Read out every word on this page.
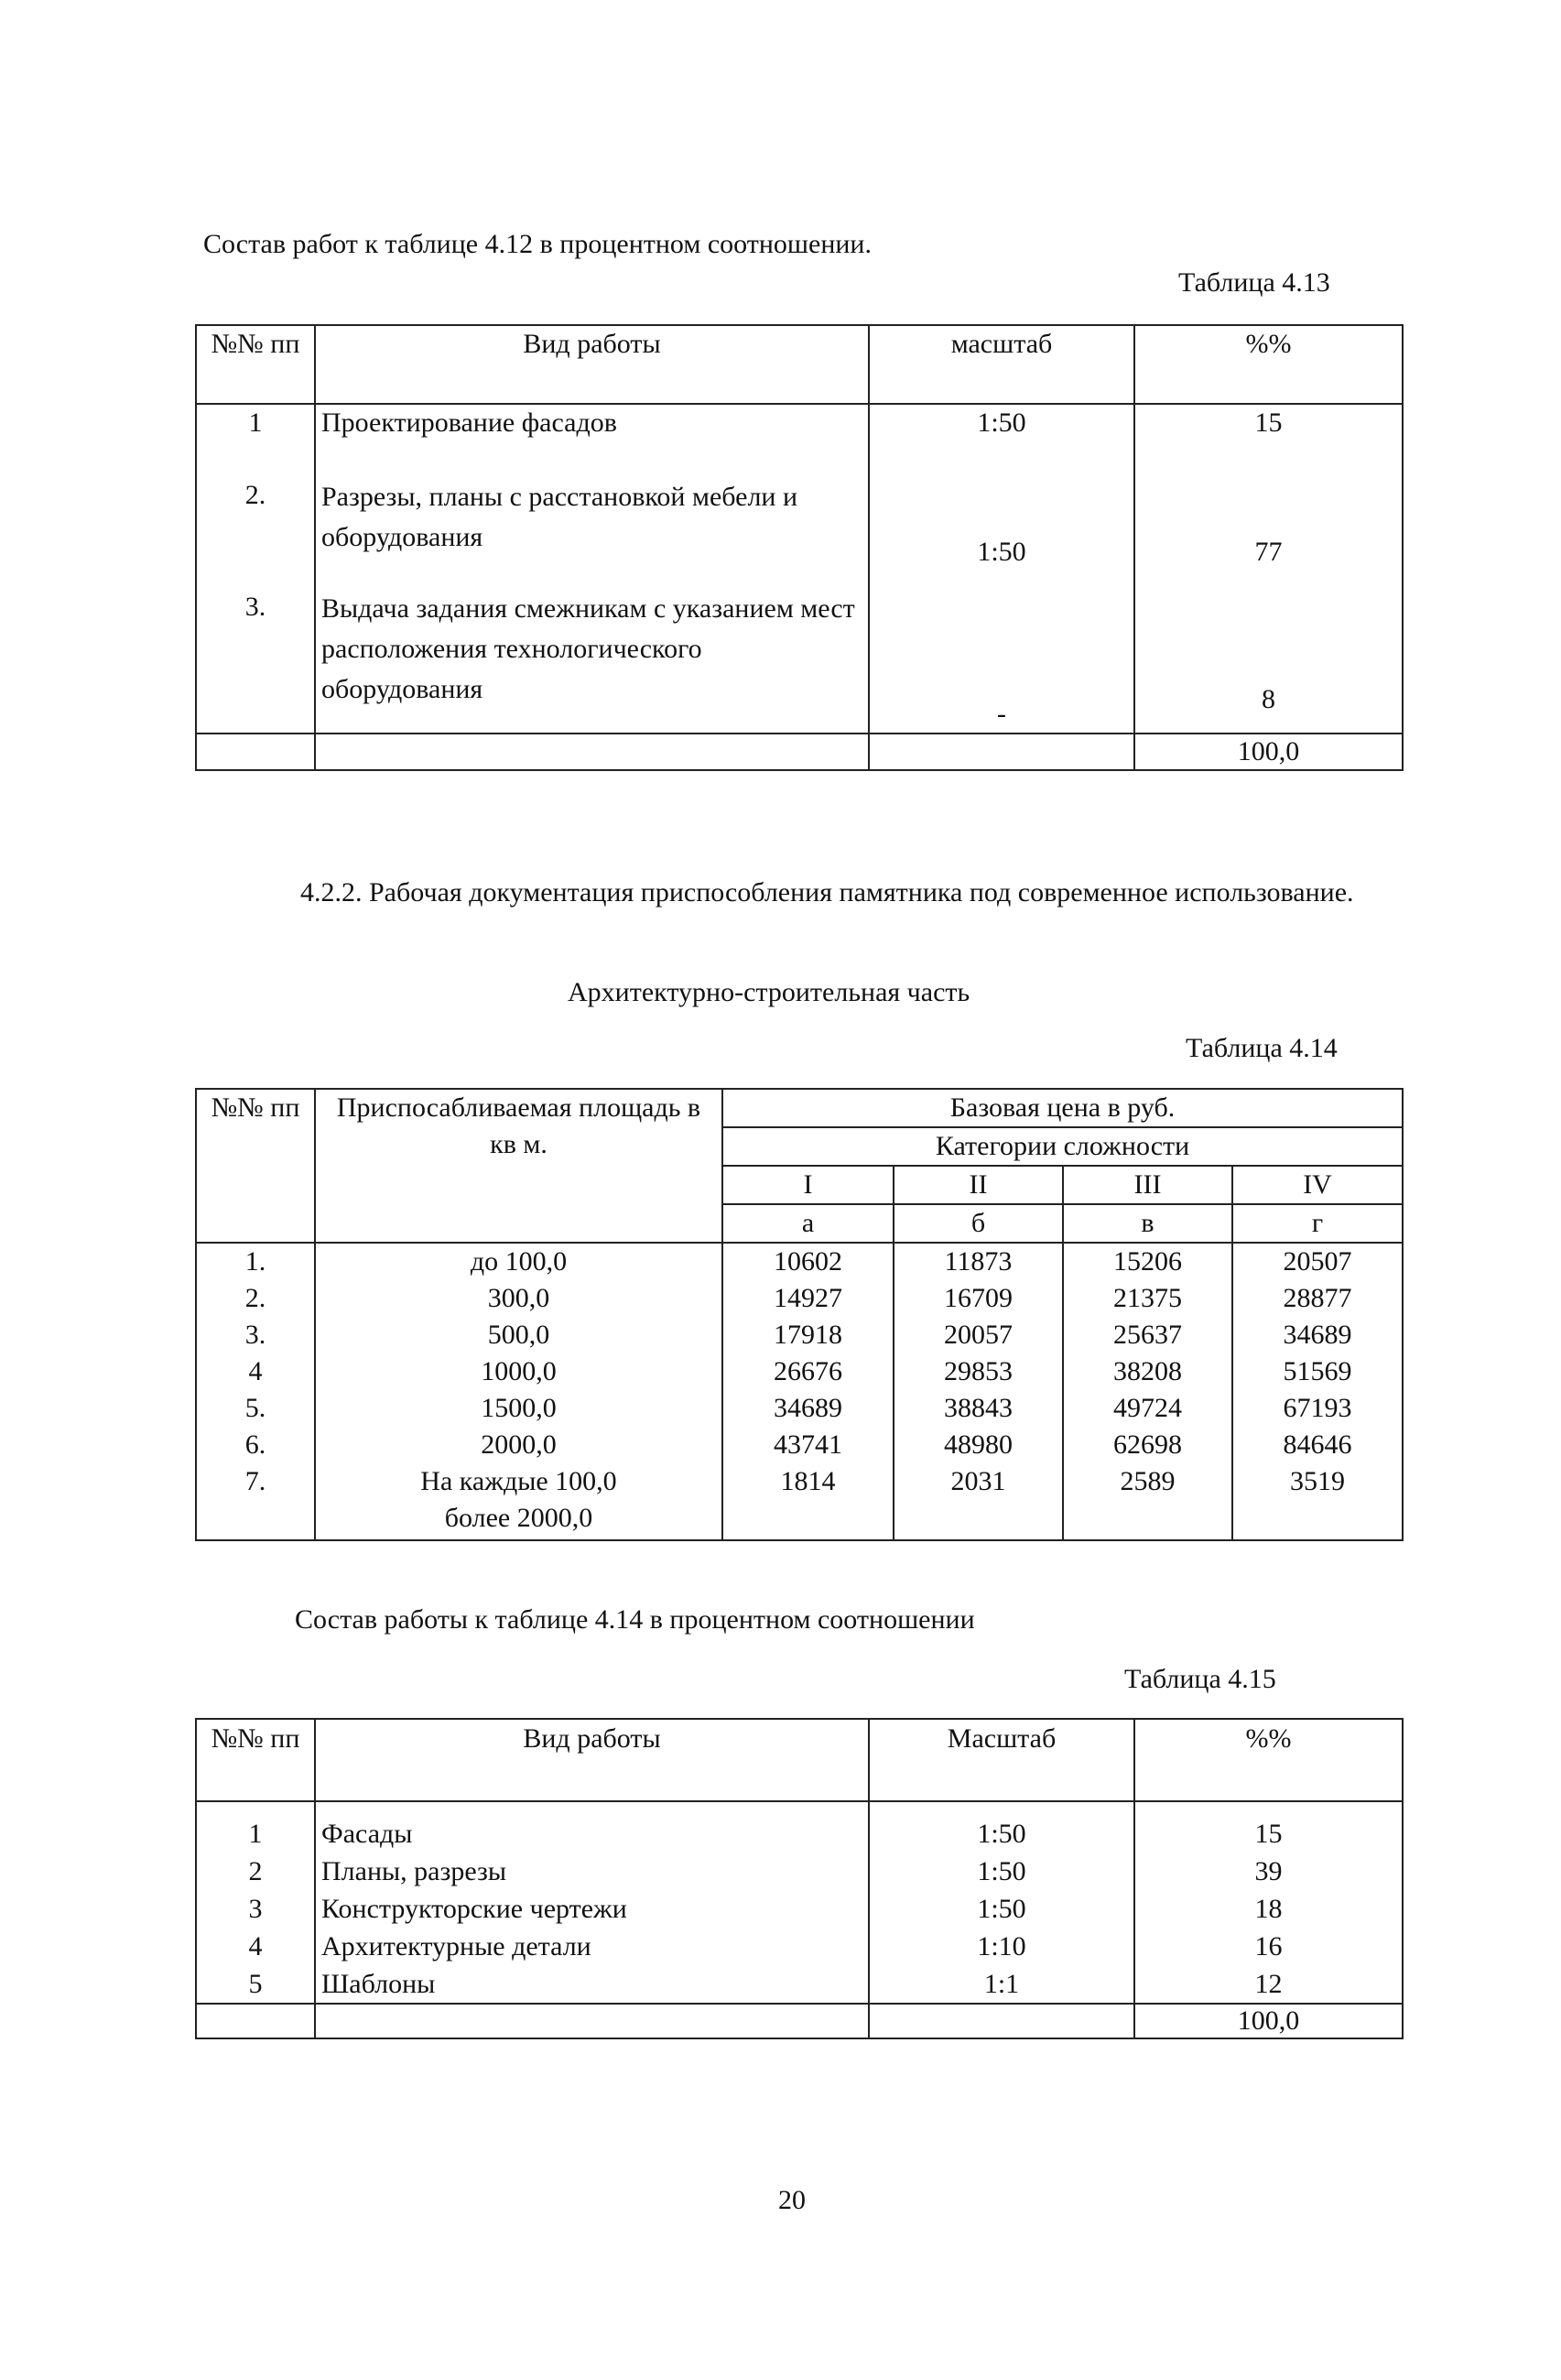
Состав работ к таблице 4.12 в процентном соотношении.
Таблица 4.13
№№ пп	Вид работы	масштаб	%%
1	Проектирование фасадов	1:50	15
2.	Разрезы, планы с расстановкой мебели и оборудования	1:50	77
3.	Выдача задания смежникам с указанием мест расположения технологического оборудования	-	8
			100,0
4.2.2. Рабочая документация приспособления памятника под современное использование.
Архитектурно-строительная часть
Таблица 4.14
№№ пп	Приспосабливаемая площадь в кв м.	Базовая цена в руб.			
		Категории сложности			
		I	II	III	IV
		а	б	в	г
1.	до 100,0	10602	11873	15206	20507
2.	300,0	14927	16709	21375	28877
3.	500,0	17918	20057	25637	34689
4	1000,0	26676	29853	38208	51569
5.	1500,0	34689	38843	49724	67193
6.	2000,0	43741	48980	62698	84646
7.	На каждые 100,0 более 2000,0	1814	2031	2589	3519
Состав работы к таблице 4.14 в процентном соотношении
Таблица 4.15
№№ пп	Вид работы	Масштаб	%%
1	Фасады	1:50	15
2	Планы, разрезы	1:50	39
3	Конструкторские чертежи	1:50	18
4	Архитектурные детали	1:10	16
5	Шаблоны	1:1	12
			100,0
20
